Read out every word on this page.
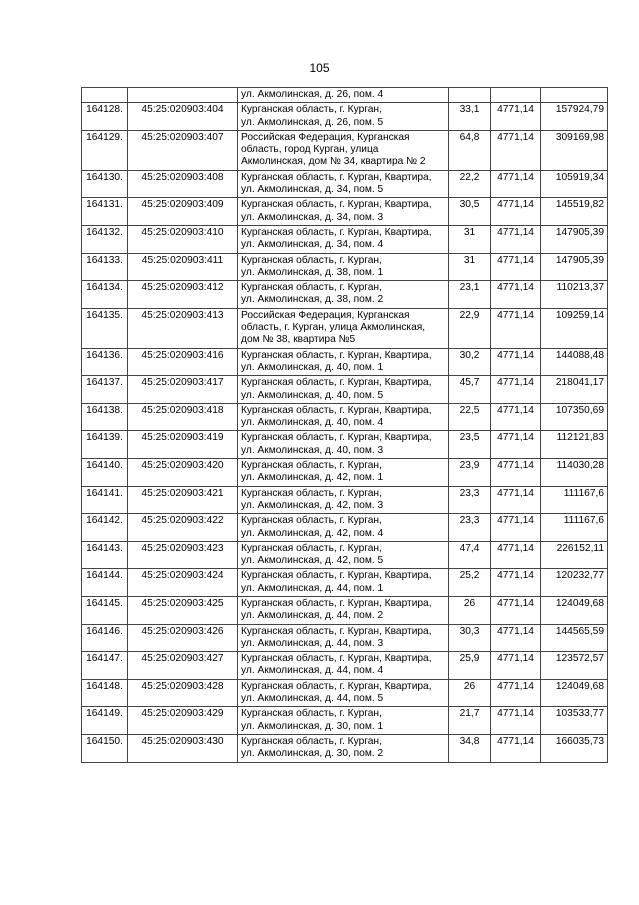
105

		ул. Акмолинская, д. 26, пом. 4			

164128.	45:25:020903:404	Курганская область, г. Курган,
ул. Акмолинская, д. 26, пом. 5	33,1	4771,14	157924,79
164129.	45:25:020903:407	Российская Федерация, Курганская
область, город Курган, улица
Акмолинская, дом № 34, квартира № 2	64,8	4771,14	309169,98
164130.	45:25:020903:408	Курганская область, г. Курган, Квартира,
ул. Акмолинская, д. 34, пом. 5	22,2	4771,14	105919,34
164131.	45:25:020903:409	Курганская область, г. Курган, Квартира,
ул. Акмолинская, д. 34, пом. 3	30,5	4771,14	145519,82
164132.	45:25:020903:410	Курганская область, г. Курган, Квартира,
ул. Акмолинская, д. 34, пом. 4	31	4771,14	147905,39
164133.	45:25:020903:411	Курганская область, г. Курган,
ул. Акмолинская, д. 38, пом. 1	31	4771,14	147905,39
164134.	45:25:020903:412	Курганская область, г. Курган,
ул. Акмолинская, д. 38, пом. 2	23,1	4771,14	110213,37
164135.	45:25:020903:413	Российская Федерация, Курганская
область, г. Курган, улица Акмолинская,
дом № 38, квартира №5	22,9	4771,14	109259,14
164136.	45:25:020903:416	Курганская область, г. Курган, Квартира,
ул. Акмолинская, д. 40, пом. 1	30,2	4771,14	144088,48
164137.	45:25:020903:417	Курганская область, г. Курган, Квартира,
ул. Акмолинская, д. 40, пом. 5	45,7	4771,14	218041,17
164138.	45:25:020903:418	Курганская область, г. Курган, Квартира,
ул. Акмолинская, д. 40, пом. 4	22,5	4771,14	107350,69
164139.	45:25:020903:419	Курганская область, г. Курган, Квартира,
ул. Акмолинская, д. 40, пом. 3	23,5	4771,14	112121,83
164140.	45:25:020903:420	Курганская область, г. Курган,
ул. Акмолинская, д. 42, пом. 1	23,9	4771,14	114030,28
164141.	45:25:020903:421	Курганская область, г. Курган,
ул. Акмолинская, д. 42, пом. 3	23,3	4771,14	111167,6
164142.	45:25:020903:422	Курганская область, г. Курган,
ул. Акмолинская, д. 42, пом. 4	23,3	4771,14	111167,6
164143.	45:25:020903:423	Курганская область, г. Курган,
ул. Акмолинская, д. 42, пом. 5	47,4	4771,14	226152,11
164144.	45:25:020903:424	Курганская область, г. Курган, Квартира,
ул. Акмолинская, д. 44, пом. 1	25,2	4771,14	120232,77
164145.	45:25:020903:425	Курганская область, г. Курган, Квартира,
ул. Акмолинская, д. 44, пом. 2	26	4771,14	124049,68
164146.	45:25:020903:426	Курганская область, г. Курган, Квартира,
ул. Акмолинская, д. 44, пом. 3	30,3	4771,14	144565,59
164147.	45:25:020903:427	Курганская область, г. Курган, Квартира,
ул. Акмолинская, д. 44, пом. 4	25,9	4771,14	123572,57
164148.	45:25:020903:428	Курганская область, г. Курган, Квартира,
ул. Акмолинская, д. 44, пом. 5	26	4771,14	124049,68
164149.	45:25:020903:429	Курганская область, г. Курган,
ул. Акмолинская, д. 30, пом. 1	21,7	4771,14	103533,77
164150.	45:25:020903:430	Курганская область, г. Курган,
ул. Акмолинская, д. 30, пом. 2	34,8	4771,14	166035,73
